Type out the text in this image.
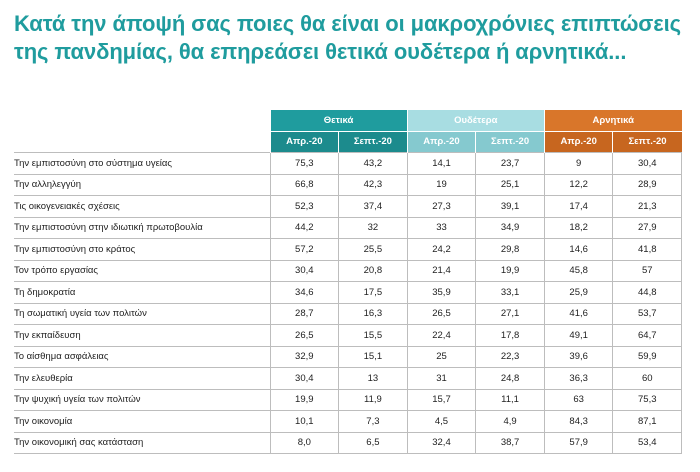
Κατά την άποψή σας ποιες θα είναι οι μακροχρόνιες επιπτώσεις της πανδημίας, θα επηρεάσει θετικά ουδέτερα ή αρνητικά...
	Θετικά		Ουδέτερα		Αρνητικά	
	Απρ.-20	Σεπτ.-20	Απρ.-20	Σεπτ.-20	Απρ.-20	Σεπτ.-20
Την εμπιστοσύνη στο σύστημα υγείας	75,3	43,2	14,1	23,7	9	30,4
Την αλληλεγγύη	66,8	42,3	19	25,1	12,2	28,9
Τις οικογενειακές σχέσεις	52,3	37,4	27,3	39,1	17,4	21,3
Την εμπιστοσύνη στην ιδιωτική πρωτοβουλία	44,2	32	33	34,9	18,2	27,9
Την εμπιστοσύνη στο κράτος	57,2	25,5	24,2	29,8	14,6	41,8
Τον τρόπο εργασίας	30,4	20,8	21,4	19,9	45,8	57
Τη δημοκρατία	34,6	17,5	35,9	33,1	25,9	44,8
Τη σωματική υγεία των πολιτών	28,7	16,3	26,5	27,1	41,6	53,7
Την εκπαίδευση	26,5	15,5	22,4	17,8	49,1	64,7
Το αίσθημα ασφάλειας	32,9	15,1	25	22,3	39,6	59,9
Την ελευθερία	30,4	13	31	24,8	36,3	60
Την ψυχική υγεία των πολιτών	19,9	11,9	15,7	11,1	63	75,3
Την οικονομία	10,1	7,3	4,5	4,9	84,3	87,1
Την οικονομική σας κατάσταση	8,0	6,5	32,4	38,7	57,9	53,4
